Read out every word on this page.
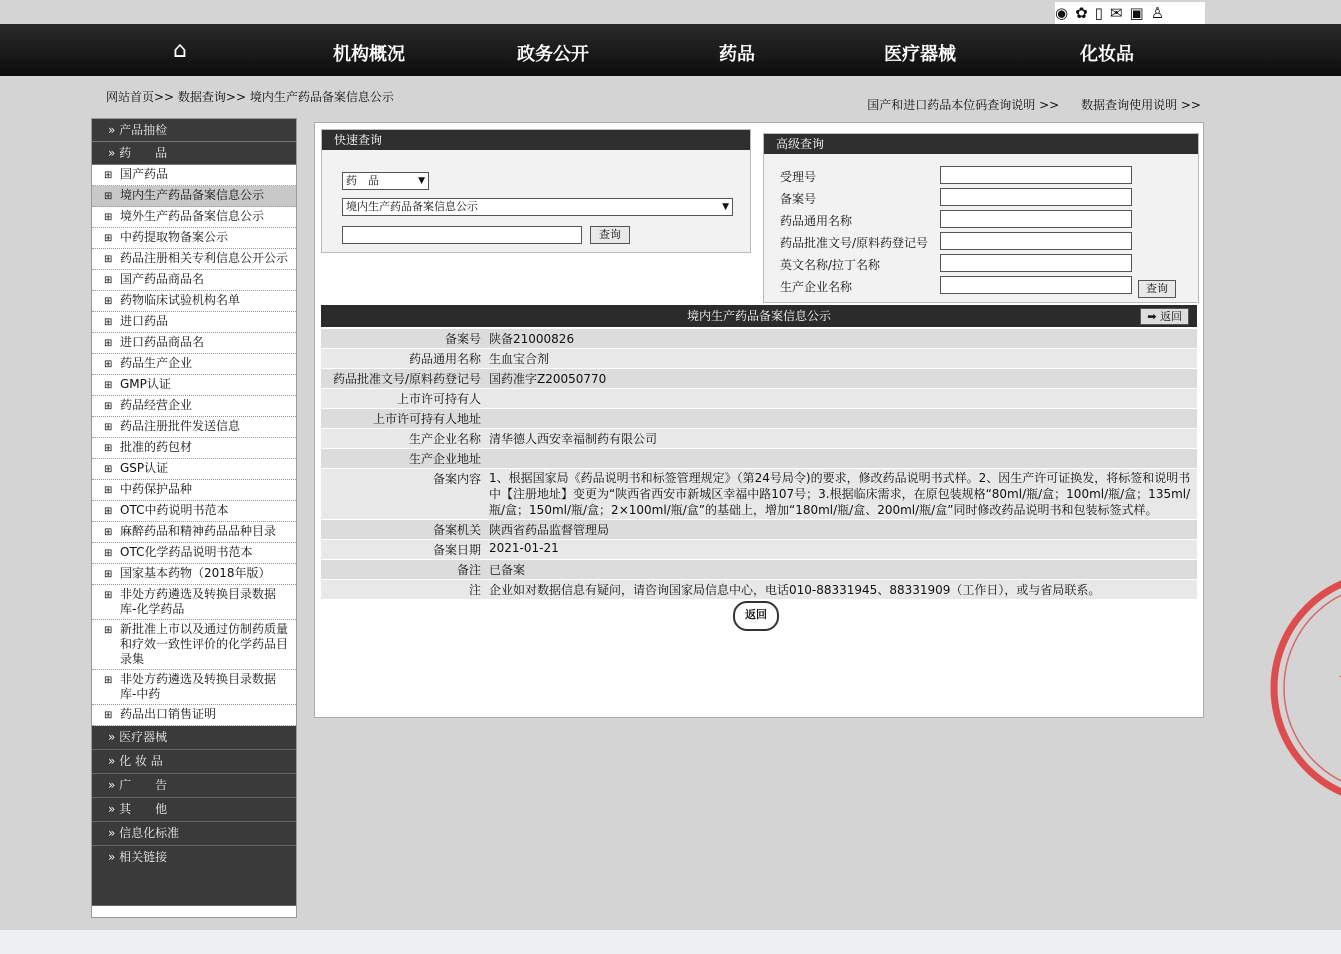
◉ ✿ ▯ ✉ ▣ ♙
⌂	机构概况	政务公开	药品	医疗器械	化妆品
网站首页>> 数据查询>> 境内生产药品备案信息公示
国产和进口药品本位码查询说明 >> 数据查询使用说明 >>
» 产品抽检
» 药　　品
⊞ 国产药品
⊞ 境内生产药品备案信息公示
⊞ 境外生产药品备案信息公示
⊞ 中药提取物备案公示
⊞ 药品注册相关专利信息公开公示
⊞ 国产药品商品名
⊞ 药物临床试验机构名单
⊞ 进口药品
⊞ 进口药品商品名
⊞ 药品生产企业
⊞ GMP认证
⊞ 药品经营企业
⊞ 药品注册批件发送信息
⊞ 批准的药包材
⊞ GSP认证
⊞ 中药保护品种
⊞ OTC中药说明书范本
⊞ 麻醉药品和精神药品品种目录
⊞ OTC化学药品说明书范本
⊞ 国家基本药物（2018年版）
⊞ 非处方药遴选及转换目录数据库-化学药品
⊞ 新批准上市以及通过仿制药质量和疗效一致性评价的化学药品目录集
⊞ 非处方药遴选及转换目录数据库-中药
⊞ 药品出口销售证明
» 医疗器械
» 化 妆 品
» 广　　告
» 其　　他
» 信息化标准
» 相关链接
快速查询
药　品	▼
境内生产药品备案信息公示	▼
查询
高级查询
受理号
备案号
药品通用名称
药品批准文号/原料药登记号
英文名称/拉丁名称
生产企业名称	查询
境内生产药品备案信息公示	➡ 返回
备案号 陕备21000826
药品通用名称 生血宝合剂
药品批准文号/原料药登记号 国药准字Z20050770
上市许可持有人

上市许可持有人地址

生产企业名称 清华德人西安幸福制药有限公司
生产企业地址

备案内容 1、根据国家局《药品说明书和标签管理规定》（第24号局令)的要求，修改药品说明书式样。2、因生产许可证换发，将标签和说明书中【注册地址】变更为“陕西省西安市新城区幸福中路107号；3.根据临床需求，在原包装规格“80ml/瓶/盒；100ml/瓶/盒；135ml/瓶/盒；150ml/瓶/盒；2×100ml/瓶/盒”的基础上，增加“180ml/瓶/盒、200ml/瓶/盒”同时修改药品说明书和包装标签式样。
备案机关 陕西省药品监督管理局
备案日期 2021-01-21
备注 已备案
注 企业如对数据信息有疑问，请咨询国家局信息中心，电话010-88331945、88331909（工作日），或与省局联系。
返回
